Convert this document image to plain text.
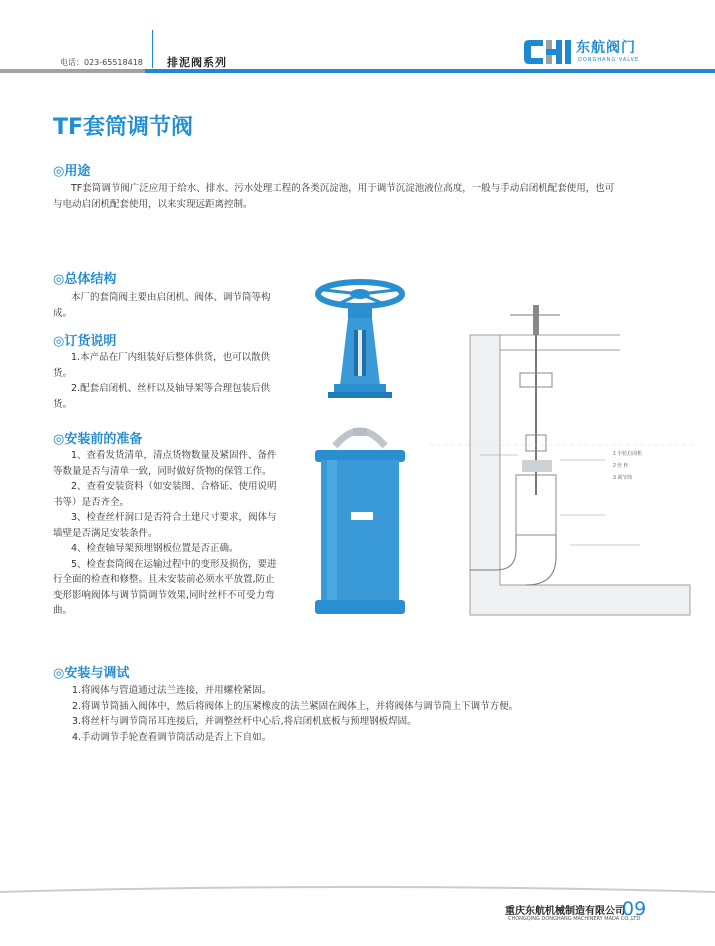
电话：023-65518418 排泥阀系列
东航阀门
DONGHANG VALVE
TF套筒调节阀
◎用途
TF套筒调节阀广泛应用于给水、排水、污水处理工程的各类沉淀池，用于调节沉淀池液位高度，一般与手动启闭机配套使用，也可
与电动启闭机配套使用，以来实现远距离控制。
◎总体结构
本厂的套筒阀主要由启闭机、阀体、调节筒等构
成。
◎订货说明
1.本产品在厂内组装好后整体供货，也可以散供
货。
2.配套启闭机、丝杆以及轴导架等合理包装后供
货。
◎安装前的准备
1、查看发货清单，清点货物数量及紧固件、备件
等数量是否与清单一致，同时做好货物的保管工作。
2、查看安装资料（如安装图、合格证、使用说明
书等）是否齐全。
3、检查丝杆洞口是否符合土建尺寸要求，阀体与
墙壁是否满足安装条件。
4、检查轴导架预埋钢板位置是否正确。
5、检查套筒阀在运输过程中的变形及损伤，要进
行全面的检查和修整。且未安装前必须水平放置,防止
变形影响阀体与调节筒调节效果,同时丝杆不可受力弯
曲。
◎安装与调试
1.将阀体与管道通过法兰连接，并用螺栓紧固。
2.将调节筒插入阀体中，然后将阀体上的压紧橡皮的法兰紧固在阀体上，并将阀体与调节筒上下调节方便。
3.将丝杆与调节筒吊耳连接后，并调整丝杆中心后,将启闭机底板与预埋钢板焊固。
4.手动调节手轮查看调节筒活动是否上下自如。
1 手轮启闭机
2 丝 杆
3 调节筒
重庆东航机械制造有限公司
CHONGQING DONGHANG MACHINERY MADA CO.,LTD
09
